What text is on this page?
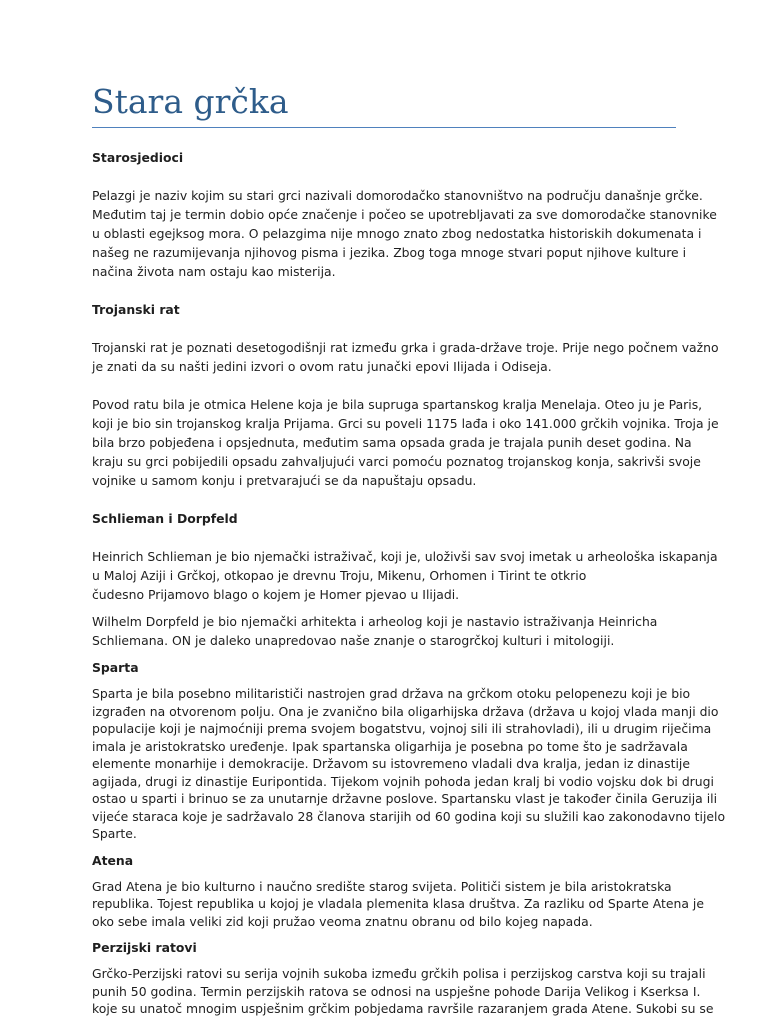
Stara grčka
Starosjedioci
Pelazgi je naziv kojim su stari grci nazivali domorodačko stanovništvo na području današnje grčke.
Međutim taj je termin dobio opće značenje i počeo se upotrebljavati za sve domorodačke stanovnike
u oblasti egejksog mora. O pelazgima nije mnogo znato zbog nedostatka historiskih dokumenata i
našeg ne razumijevanja njihovog pisma i jezika. Zbog toga mnoge stvari poput njihove kulture i
načina života nam ostaju kao misterija.
Trojanski rat
Trojanski rat je poznatі desetogodišnji rat između grka i grada-države troje. Prije nego počnem važno
je znatі da su naštі jedini izvori o ovom ratu junački epovi Ilijada i Odiseja.
Povod ratu bila je otmica Helene koja je bila supruga spartanskog kralja Menelaja. Oteo ju je Paris,
koji je bio sin trojanskog kralja Prijama. Grci su poveli 1175 lađa i oko 141.000 grčkih vojnika. Troja je
bila brzo pobjeđena i opsjednuta, međutim sama opsada grada je trajala punih deset godina. Na
kraju su grci pobijedili opsadu zahvaljujući varci pomoću poznatog trojanskog konja, sakrivši svoje
vojnike u samom konju i pretvarajući se da napuštaju opsadu.
Schlieman i Dorpfeld
Heinrich Schlieman je bio njemački istraživač, koji je, uloživši sav svoj imetak u arheološka iskapanja
u Maloj Aziji i Grčkoj, otkopao je drevnu Troju, Mikenu, Orhomen i Tirint te otkrio
čudesno Prijamovo blago o kojem je Homer pjevao u Ilijadi.
Wilhelm Dorpfeld je bio njemački arhitekta i arheolog koji je nastavio istraživanja Heinricha
Schliemana. ON je daleko unapredovao naše znanje o starogrčkoj kulturi i mitologiji.
Sparta
Sparta je bila posebno militarističi nastrojen grad država na grčkom otoku pelopenezu koji je bio
izgrađen na otvorenom polju. Ona je zvanično bila oligarhijska država (država u kojoj vlada manji dio
populacije koji je najmoćniji prema svojem bogatstvu, vojnoj sili ili strahovladi), ili u drugim riječima
imala je aristokratsko uređenje. Ipak spartanska oligarhija je posebna po tome što je sadržavala
elemente monarhije i demokracije. Državom su istovremeno vladali dva kralja, jedan iz dinastije
agijada, drugi iz dinastije Euripontida. Tijekom vojnih pohoda jedan kralj bi vodio vojsku dok bi drugi
ostao u sparti i brinuo se za unutarnje državne poslove. Spartansku vlast je također činila Geruzija ili
vijeće staraca koje je sadržavalo 28 članova starijih od 60 godina koji su služili kao zakonodavno tijelo
Sparte.
Atena
Grad Atena je bio kulturno i naučno središte starog svijeta. Političi sistem je bila aristokratska
republika. Tojest republika u kojoj je vladala plemenita klasa društva. Za razliku od Sparte Atena je
oko sebe imala veliki zid koji pružao veoma znatnu obranu od bilo kojeg napada.
Perzijski ratovi
Grčko-Perzijski ratovi su serija vojnih sukoba između grčkih polisa i perzijskog carstva koji su trajali
punih 50 godina. Termin perzijskih ratova se odnosi na uspješne pohode Darija Velikog i Kserksa I.
koje su unatoč mnogim uspješnim grčkim pobjedama ravršile razaranjem grada Atene. Sukobi su se
